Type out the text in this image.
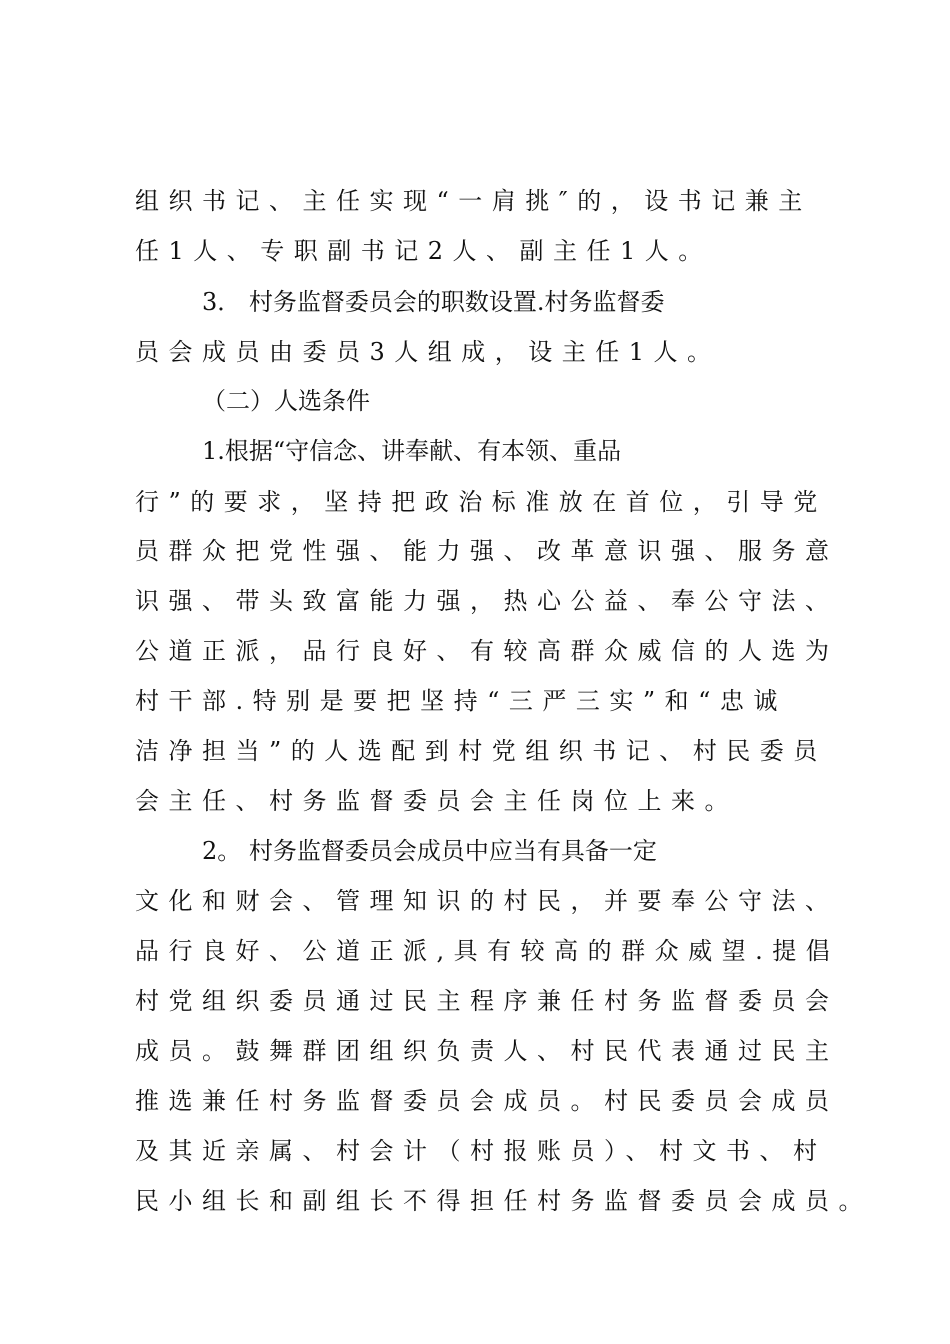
组织书记、主任实现“一肩挑″的，设书记兼主
任1人、专职副书记2人、副主任1人。
3． 村务监督委员会的职数设置.村务监督委
员会成员由委员3人组成，设主任1人。
（二）人选条件
1.根据“守信念、讲奉献、有本领、重品
行”的要求，坚持把政治标准放在首位，引导党
员群众把党性强、能力强、改革意识强、服务意
识强、带头致富能力强，热心公益、奉公守法、
公道正派，品行良好、有较高群众威信的人选为
村干部.特别是要把坚持“三严三实”和“忠诚
洁净担当”的人选配到村党组织书记、村民委员
会主任、村务监督委员会主任岗位上来。
2。 村务监督委员会成员中应当有具备一定
文化和财会、管理知识的村民，并要奉公守法、
品行良好、公道正派,具有较高的群众威望.提倡
村党组织委员通过民主程序兼任村务监督委员会
成员。鼓舞群团组织负责人、村民代表通过民主
推选兼任村务监督委员会成员。村民委员会成员
及其近亲属、村会计（村报账员）、村文书、村
民小组长和副组长不得担任村务监督委员会成员。
